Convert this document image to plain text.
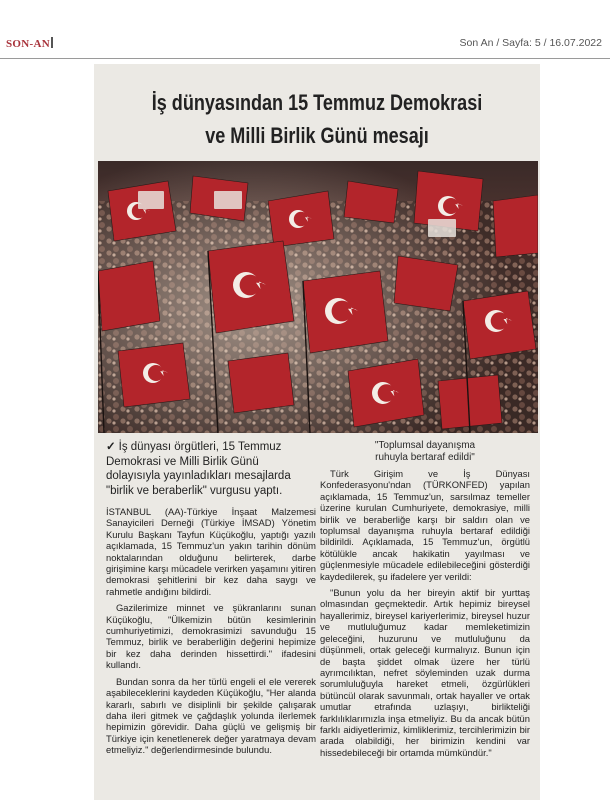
SON-AN	Son An / Sayfa: 5 / 16.07.2022
İş dünyasından 15 Temmuz Demokrasi
ve Milli Birlik Günü mesajı
✓ İş dünyası örgütleri, 15 Temmuz Demokrasi ve Milli Birlik Günü dolayısıyla yayınladıkları mesajlarda "birlik ve beraberlik" vurgusu yaptı.

İSTANBUL (AA)-Türkiye İnşaat Malzemesi Sanayicileri Derneği (Türkiye İMSAD) Yönetim Kurulu Başkanı Tayfun Küçükoğlu, yaptığı yazılı açıklamada, 15 Temmuz'un yakın tarihin dönüm noktalarından olduğunu belirterek, darbe girişimine karşı mücadele verirken yaşamını yitiren demokrasi şehitlerini bir kez daha saygı ve rahmetle andığını bildirdi.

Gazilerimize minnet ve şükranlarını sunan Küçükoğlu, "Ülkemizin bütün kesimlerinin cumhuriyetimizi, demokrasimizi savunduğu 15 Temmuz, birlik ve beraberliğin değerini hepimize bir kez daha derinden hissettirdi." ifadesini kullandı.

Bundan sonra da her türlü engeli el ele vererek aşabileceklerini kaydeden Küçükoğlu, "Her alanda kararlı, sabırlı ve disiplinli bir şekilde çalışarak daha ileri gitmek ve çağdaşlık yolunda ilerlemek hepimizin görevidir. Daha güçlü ve gelişmiş bir Türkiye için kenetlenerek değer yaratmaya devam etmeliyiz." değerlendirmesinde bulundu.

"Toplumsal dayanışma
ruhuyla bertaraf edildi"

Türk Girişim ve İş Dünyası Konfederasyonu'ndan (TÜRKONFED) yapılan açıklamada, 15 Temmuz'un, sarsılmaz temeller üzerine kurulan Cumhuriyete, demokrasiye, milli birlik ve beraberliğe karşı bir saldırı olan ve toplumsal dayanışma ruhuyla bertaraf edildiği bildirildi. Açıklamada, 15 Temmuz'un, örgütlü kötülükle ancak hakikatin yayılması ve güçlenmesiyle mücadele edilebileceğini gösterdiği kaydedilerek, şu ifadelere yer verildi:

"Bunun yolu da her bireyin aktif bir yurttaş olmasından geçmektedir. Artık hepimiz bireysel hayallerimiz, bireysel kariyerlerimiz, bireysel huzur ve mutluluğumuz kadar memleketimizin geleceğini, huzurunu ve mutluluğunu da düşünmeli, ortak geleceği kurmalıyız. Bunun için de başta şiddet olmak üzere her türlü ayrımcılıktan, nefret söyleminden uzak durma sorumluluğuyla hareket etmeli, özgürlükleri bütüncül olarak savunmalı, ortak hayaller ve ortak umutlar etrafında uzlaşıyı, birlikteliği farklılıklarımızla inşa etmeliyiz. Bu da ancak bütün farklı aidiyetlerimiz, kimliklerimiz, tercihlerimizin bir arada olabildiği, her birimizin kendini var hissedebileceği bir ortamda mümkündür."
